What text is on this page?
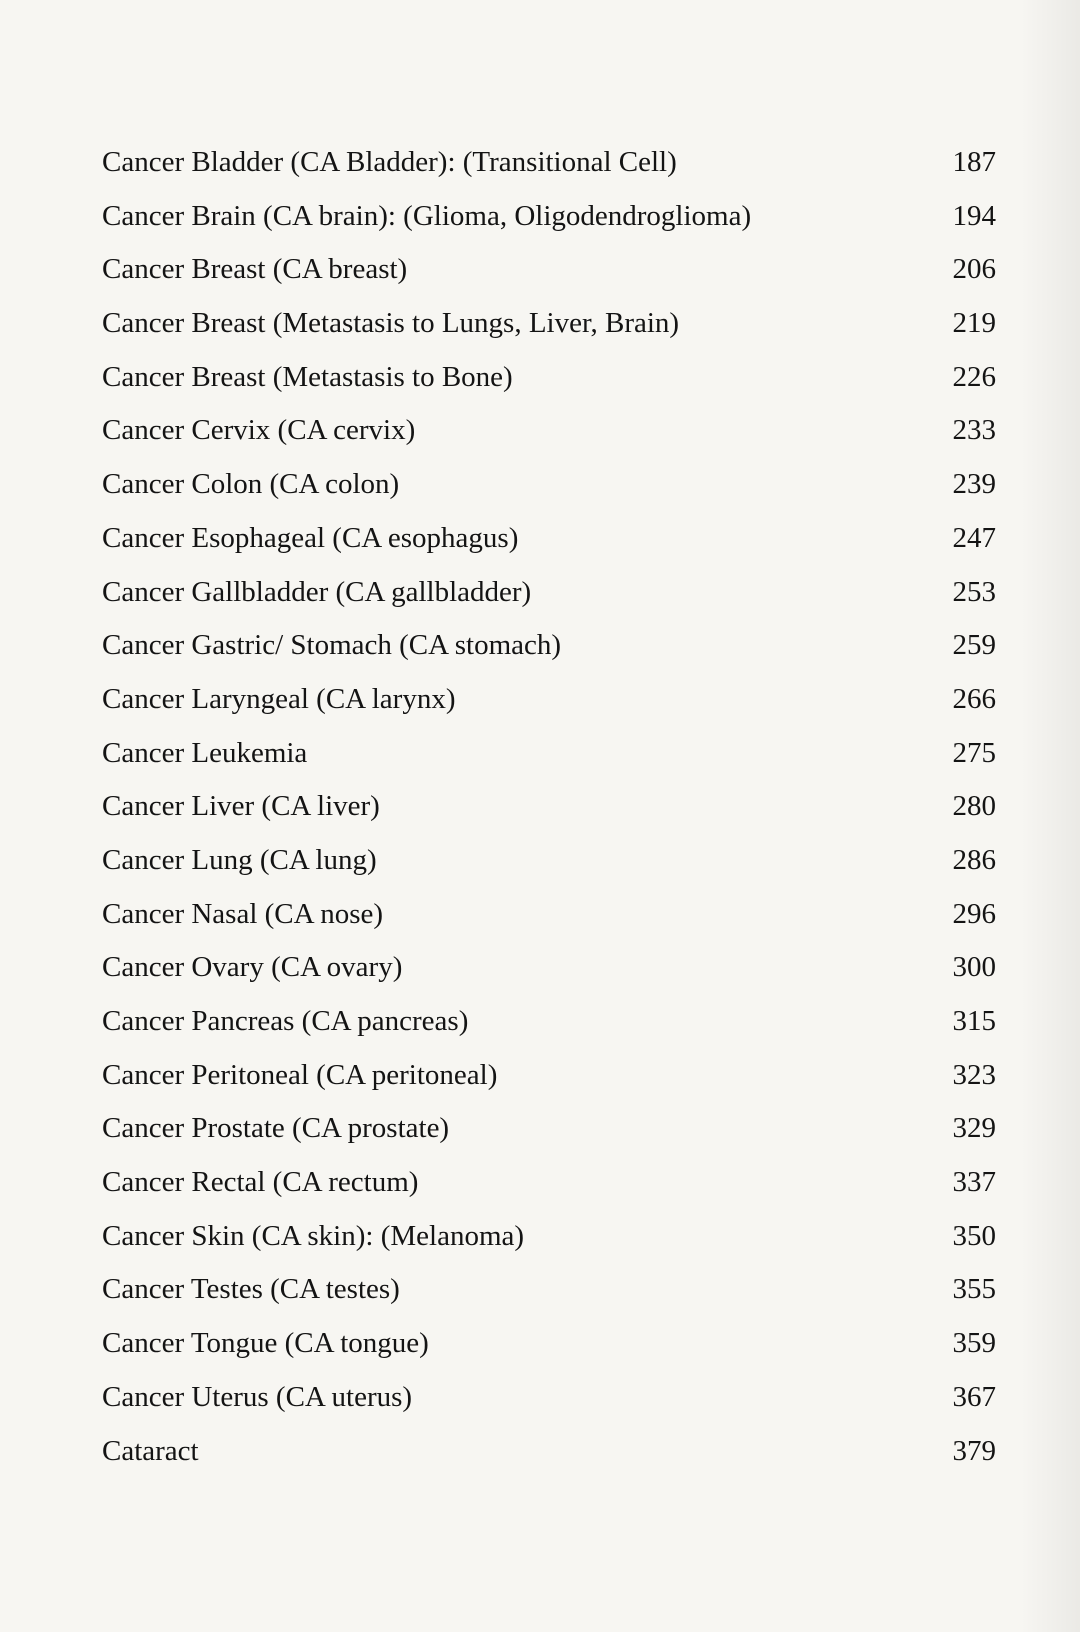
Cancer Bladder (CA Bladder): (Transitional Cell)	187
Cancer Brain (CA brain): (Glioma, Oligodendroglioma)	194
Cancer Breast (CA breast)	206
Cancer Breast (Metastasis to Lungs, Liver, Brain)	219
Cancer Breast (Metastasis to Bone)	226
Cancer Cervix (CA cervix)	233
Cancer Colon (CA colon)	239
Cancer Esophageal (CA esophagus)	247
Cancer Gallbladder (CA gallbladder)	253
Cancer Gastric/ Stomach (CA stomach)	259
Cancer Laryngeal (CA larynx)	266
Cancer Leukemia	275
Cancer Liver (CA liver)	280
Cancer Lung (CA lung)	286
Cancer Nasal (CA nose)	296
Cancer Ovary (CA ovary)	300
Cancer Pancreas (CA pancreas)	315
Cancer Peritoneal (CA peritoneal)	323
Cancer Prostate (CA prostate)	329
Cancer Rectal (CA rectum)	337
Cancer Skin (CA skin): (Melanoma)	350
Cancer Testes (CA testes)	355
Cancer Tongue (CA tongue)	359
Cancer Uterus (CA uterus)	367
Cataract	379
